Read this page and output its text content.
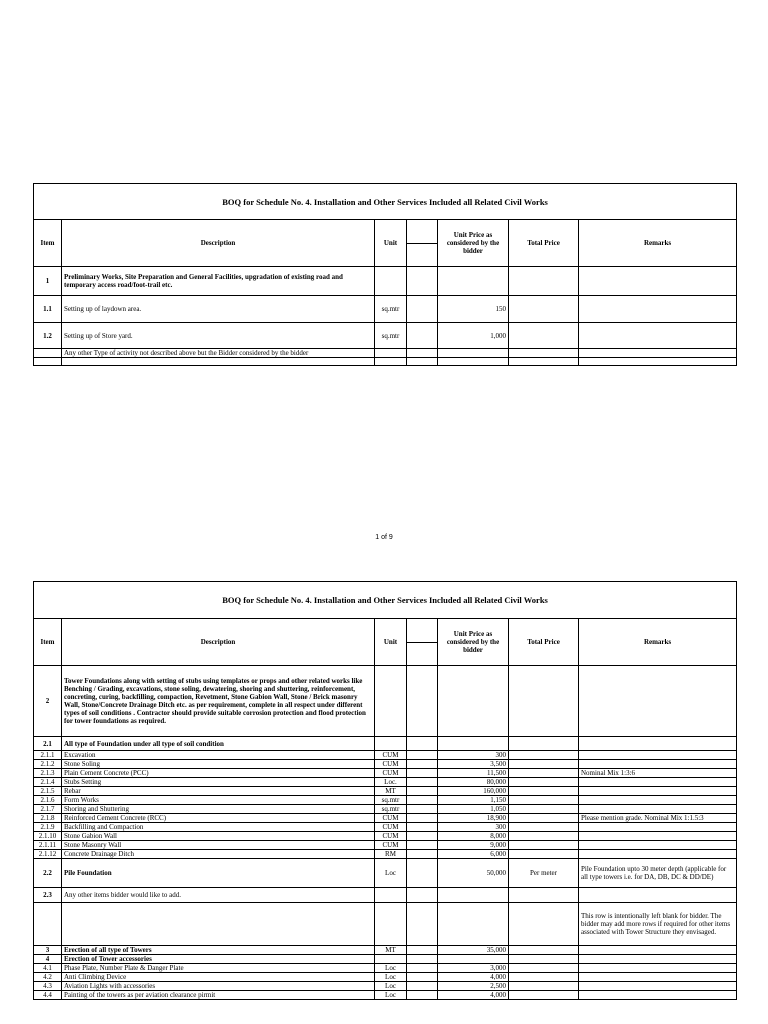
BOQ for Schedule No. 4. Installation and Other Services Included all Related Civil Works						
Item	Description	Unit		Unit Price as considered by the bidder	Total Price	Remarks
1	Preliminary Works, Site Preparation and General Facilities, upgradation of existing road and temporary access road/foot-trail etc.					
1.1	Setting up of laydown area.	sq.mtr		150		
1.2	Setting up of Store yard.	sq.mtr		1,000		
	Any other Type of activity not described above but the Bidder considered by the bidder					

1 of 9
BOQ for Schedule No. 4. Installation and Other Services Included all Related Civil Works						
Item	Description	Unit		Unit Price as considered by the bidder	Total Price	Remarks
2	Tower Foundations along with setting of stubs using templates or props and other related works like Benching / Grading, excavations, stone soling, dewatering, shoring and shuttering, reinforcement, concreting, curing, backfilling, compaction, Revetment, Stone Gabion Wall, Stone / Brick masonry Wall, Stone/Concrete Drainage Ditch etc. as per requirement, complete in all respect under different types of soil conditions . Contractor should provide suitable corrosion protection and flood protection for tower foundations as required.					
2.1	All type of Foundation under all type of soil condition					
2.1.1	Excavation	CUM		300		
2.1.2	Stone Soling	CUM		3,500		
2.1.3	Plain Cement Concrete (PCC)	CUM		11,500		Nominal Mix 1:3:6
2.1.4	Stubs Setting	Loc.		80,000		
2.1.5	Rebar	MT		160,000		
2.1.6	Form Works	sq.mtr		1,150		
2.1.7	Shoring and Shuttering	sq.mtr		1,050		
2.1.8	Reinforced Cement Concrete (RCC)	CUM		18,900		Please mention grade. Nominal Mix 1:1.5:3
2.1.9	Backfilling and Compaction	CUM		300		
2.1.10	Stone Gabion Wall	CUM		8,000		
2.1.11	Stone Masonry Wall	CUM		9,000		
2.1.12	Concrete Drainage Ditch	RM		6,000		
2.2	Pile Foundation	Loc		50,000	Per meter	Pile Foundation upto 30 meter depth (applicable for all type towers i.e. for DA, DB, DC & DD/DE)
2.3	Any other items bidder would like to add.					
						This row is intentionally left blank for bidder. The bidder may add more rows if required for other items associated with Tower Structure they envisaged.
3	Erection of all type of Towers	MT		35,000		
4	Erection of Tower accessories					
4.1	Phase Plate, Number Plate & Danger Plate	Loc		3,000		
4.2	Anti Climbing Device	Loc		4,000		
4.3	Aviation Lights with accessories	Loc		2,500		
4.4	Painting of the towers as per aviation clearance pirmit	Loc		4,000		
